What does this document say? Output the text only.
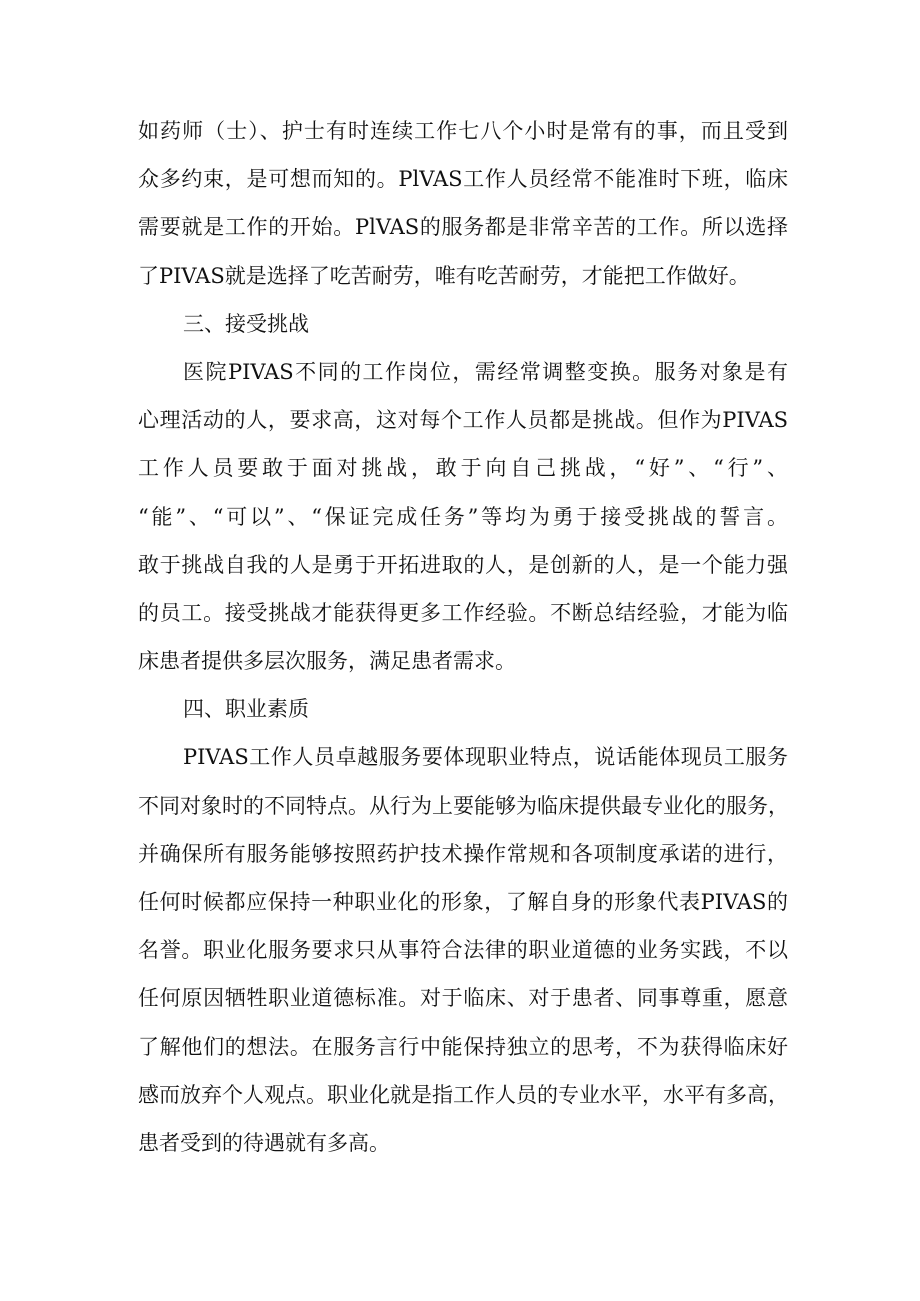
如药师（士）、护士有时连续工作七八个小时是常有的事，而且受到
众多约束，是可想而知的。PlVAS工作人员经常不能准时下班，临床
需要就是工作的开始。PlVAS的服务都是非常辛苦的工作。所以选择
了PIVAS就是选择了吃苦耐劳，唯有吃苦耐劳，才能把工作做好。
三、接受挑战
医院PIVAS不同的工作岗位，需经常调整变换。服务对象是有
心理活动的人，要求高，这对每个工作人员都是挑战。但作为PIVAS
工作人员要敢于面对挑战，敢于向自己挑战，“好”、“行”、
“能”、“可以”、“保证完成任务”等均为勇于接受挑战的誓言。
敢于挑战自我的人是勇于开拓进取的人，是创新的人，是一个能力强
的员工。接受挑战才能获得更多工作经验。不断总结经验，才能为临
床患者提供多层次服务，满足患者需求。
四、职业素质
PIVAS工作人员卓越服务要体现职业特点，说话能体现员工服务
不同对象时的不同特点。从行为上要能够为临床提供最专业化的服务，
并确保所有服务能够按照药护技术操作常规和各项制度承诺的进行，
任何时候都应保持一种职业化的形象，了解自身的形象代表PIVAS的
名誉。职业化服务要求只从事符合法律的职业道德的业务实践，不以
任何原因牺牲职业道德标准。对于临床、对于患者、同事尊重，愿意
了解他们的想法。在服务言行中能保持独立的思考，不为获得临床好
感而放弃个人观点。职业化就是指工作人员的专业水平，水平有多高，
患者受到的待遇就有多高。
